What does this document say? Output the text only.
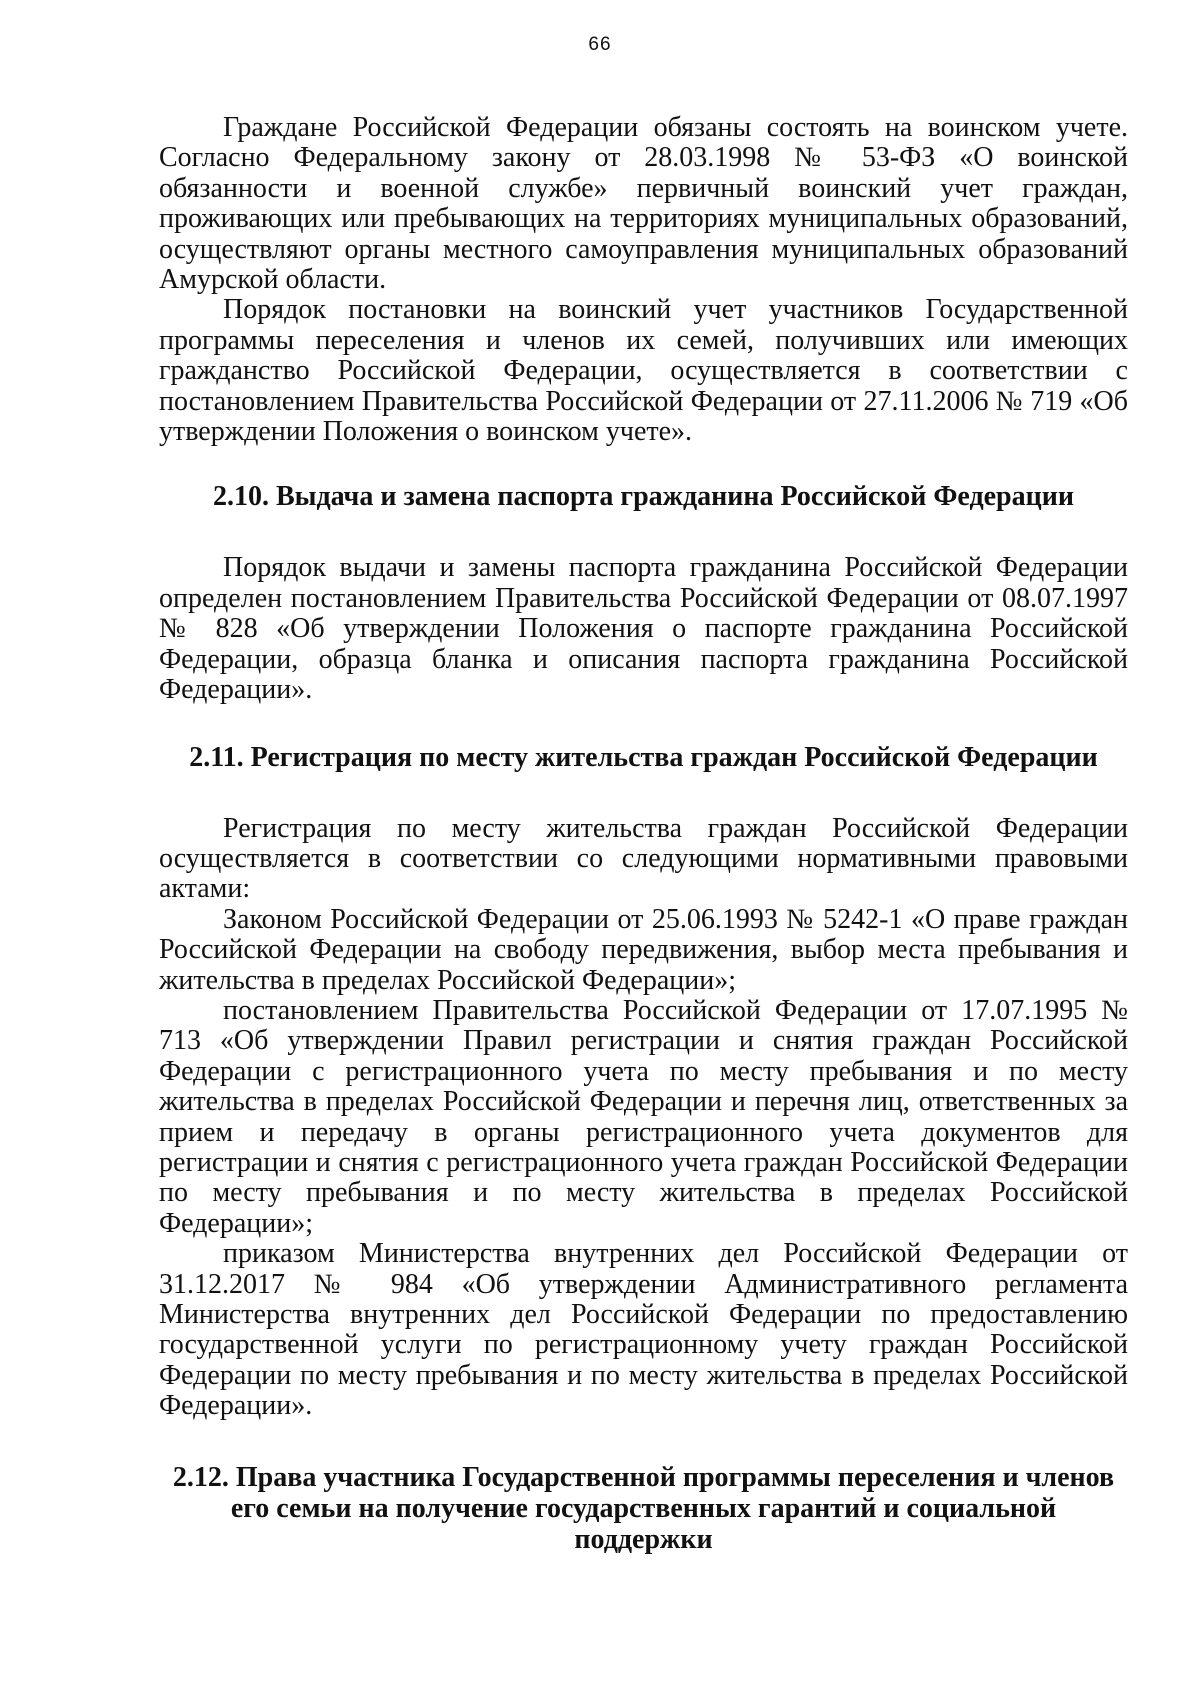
66

Граждане Российской Федерации обязаны состоять на воинском учете. Согласно Федеральному закону от 28.03.1998 № 53-ФЗ «О воинской обязанности и военной службе» первичный воинский учет граждан, проживающих или пребывающих на территориях муниципальных образований, осуществляют органы местного самоуправления муниципальных образований Амурской области.

Порядок постановки на воинский учет участников Государственной программы переселения и членов их семей, получивших или имеющих гражданство Российской Федерации, осуществляется в соответствии с постановлением Правительства Российской Федерации от 27.11.2006 № 719 «Об утверждении Положения о воинском учете».

2.10. Выдача и замена паспорта гражданина Российской Федерации

Порядок выдачи и замены паспорта гражданина Российской Федерации определен постановлением Правительства Российской Федерации от 08.07.1997 № 828 «Об утверждении Положения о паспорте гражданина Российской Федерации, образца бланка и описания паспорта гражданина Российской Федерации».

2.11. Регистрация по месту жительства граждан Российской Федерации

Регистрация по месту жительства граждан Российской Федерации осуществляется в соответствии со следующими нормативными правовыми актами:

Законом Российской Федерации от 25.06.1993 № 5242-1 «О праве граждан Российской Федерации на свободу передвижения, выбор места пребывания и жительства в пределах Российской Федерации»;

постановлением Правительства Российской Федерации от 17.07.1995 № 713 «Об утверждении Правил регистрации и снятия граждан Российской Федерации с регистрационного учета по месту пребывания и по месту жительства в пределах Российской Федерации и перечня лиц, ответственных за прием и передачу в органы регистрационного учета документов для регистрации и снятия с регистрационного учета граждан Российской Федерации по месту пребывания и по месту жительства в пределах Российской Федерации»;

приказом Министерства внутренних дел Российской Федерации от 31.12.2017 № 984 «Об утверждении Административного регламента Министерства внутренних дел Российской Федерации по предоставлению государственной услуги по регистрационному учету граждан Российской Федерации по месту пребывания и по месту жительства в пределах Российской Федерации».

2.12. Права участника Государственной программы переселения и членов его семьи на получение государственных гарантий и социальной поддержки
